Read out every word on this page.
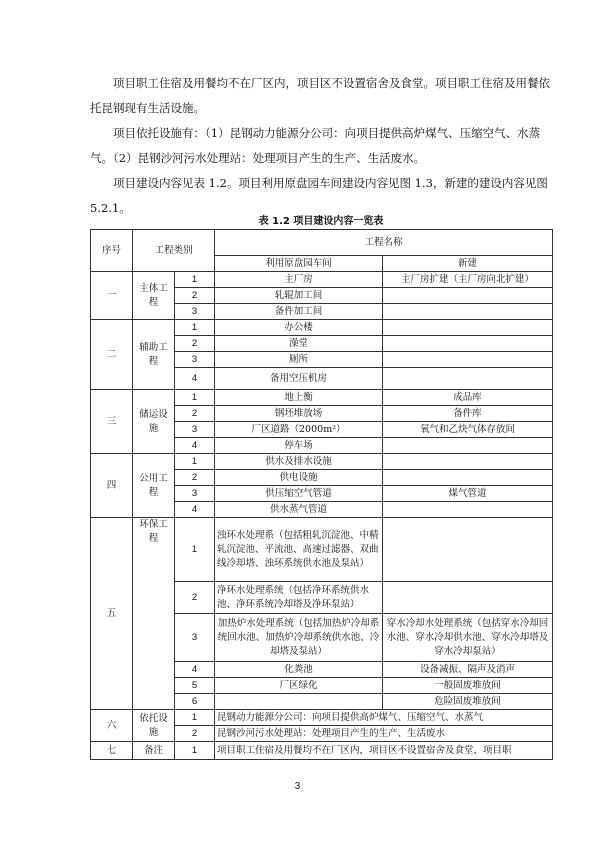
项目职工住宿及用餐均不在厂区内，项目区不设置宿舍及食堂。项目职工住宿及用餐依托昆钢现有生活设施。

项目依托设施有：（1）昆钢动力能源分公司：向项目提供高炉煤气、压缩空气、水蒸气。（2）昆钢沙河污水处理站：处理项目产生的生产、生活废水。

项目建设内容见表 1.2。项目利用原盘园车间建设内容见图 1.3，新建的建设内容见图 5.2.1。

表 1.2 项目建设内容一览表
序号	工程类别		工程名称	
			利用原盘园车间	新建
一	主体工程	1	主厂房	主厂房扩建（主厂房向北扩建）
		2	轧辊加工间	
		3	备件加工间	
二	辅助工程	1	办公楼	
		2	澡堂	
		3	厕所	
		4	备用空压机房	
三	储运设施	1	地上衡	成品库
		2	钢坯堆放场	备件库
		3	厂区道路（2000m²）	氧气和乙炔气体存放间
		4	停车场	
四	公用工程	1	供水及排水设施	
		2	供电设施	
		3	供压缩空气管道	煤气管道
		4	供水蒸气管道	
五	环保工程	1	浊环水处理系（包括粗轧沉淀池、中精轧沉淀池、平流池、高速过滤器、双曲线冷却塔、浊环系统供水池及泵站）	
		2	净环水处理系统（包括净环系统供水池、净环系统冷却塔及净环泵站）	
		3	加热炉水处理系统（包括加热炉冷却系统回水池、加热炉冷却系统供水池、冷却塔及泵站）	穿水冷却水处理系统（包括穿水冷却回水池、穿水冷却供水池、穿水冷却塔及穿水冷却泵站）
		4	化粪池	设备减振、隔声及消声
		5	厂区绿化	一般固废堆放间
		6		危险固废堆放间
六	依托设施	1	昆钢动力能源分公司：向项目提供高炉煤气、压缩空气、水蒸气	
		2	昆钢沙河污水处理站：处理项目产生的生产、生活废水	
七	备注	1	项目职工住宿及用餐均不在厂区内，项目区不设置宿舍及食堂，项目职	
3
